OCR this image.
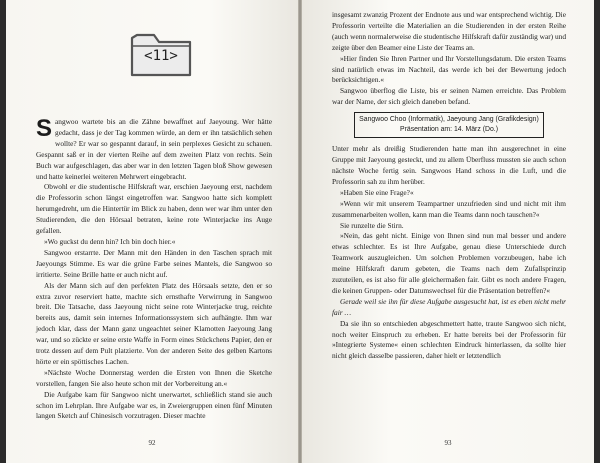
<11>

Sangwoo wartete bis an die Zähne bewaffnet auf Jaeyoung. Wer hätte gedacht, dass je der Tag kommen würde, an dem er ihn tatsächlich sehen wollte? Er war so gespannt darauf, in sein perplexes Gesicht zu schauen. Gespannt saß er in der vierten Reihe auf dem zweiten Platz von rechts. Sein Buch war aufgeschlagen, das aber war in den letzten Tagen bloß Show gewesen und hatte keinerlei weiteren Mehrwert eingebracht.

Obwohl er die studentische Hilfskraft war, erschien Jaeyoung erst, nachdem die Professorin schon längst eingetroffen war. Sangwoo hatte sich komplett herumgedreht, um die Hintertür im Blick zu haben, denn wer war ihm unter den Studierenden, die den Hörsaal betraten, keine rote Winterjacke ins Auge gefallen.

»Wo guckst du denn hin? Ich bin doch hier.«

Sangwoo erstarrte. Der Mann mit den Händen in den Taschen sprach mit Jaeyoungs Stimme. Es war die grüne Farbe seines Mantels, die Sangwoo so irritierte. Seine Brille hatte er auch nicht auf.

Als der Mann sich auf den perfekten Platz des Hörsaals setzte, den er so extra zuvor reserviert hatte, machte sich ernsthafte Verwirrung in Sangwoo breit. Die Tatsache, dass Jaeyoung nicht seine rote Winterjacke trug, reichte bereits aus, damit sein internes Informationssystem sich aufhängte. Ihm war jedoch klar, dass der Mann ganz ungeachtet seiner Klamotten Jaeyoung Jang war, und so zückte er seine erste Waffe in Form eines Stückchens Papier, den er trotz dessen auf dem Pult platzierte. Von der anderen Seite des gelben Kartons hörte er ein spöttisches Lachen.

»Nächste Woche Donnerstag werden die Ersten von Ihnen die Sketche vorstellen, fangen Sie also heute schon mit der Vorbereitung an.«

Die Aufgabe kam für Sangwoo nicht unerwartet, schließlich stand sie auch schon im Lehrplan. Ihre Aufgabe war es, in Zweiergruppen einen fünf Minuten langen Sketch auf Chinesisch vorzutragen. Dieser machte

92

insgesamt zwanzig Prozent der Endnote aus und war entsprechend wichtig. Die Professorin verteilte die Materialien an die Studierenden in der ersten Reihe (auch wenn normalerweise die studentische Hilfskraft dafür zuständig war) und zeigte über den Beamer eine Liste der Teams an.

»Hier finden Sie Ihren Partner und Ihr Vorstellungsdatum. Die ersten Teams sind natürlich etwas im Nachteil, das werde ich bei der Bewertung jedoch berücksichtigen.«

Sangwoo überflog die Liste, bis er seinen Namen erreichte. Das Problem war der Name, der sich gleich daneben befand.

Sangwoo Choo (Informatik), Jaeyoung Jang (Grafikdesign)
Präsentation am: 14. März (Do.)

Unter mehr als dreißig Studierenden hatte man ihn ausgerechnet in eine Gruppe mit Jaeyoung gesteckt, und zu allem Überfluss mussten sie auch schon nächste Woche fertig sein. Sangwoos Hand schoss in die Luft, und die Professorin sah zu ihm herüber.

»Haben Sie eine Frage?«

»Wenn wir mit unserem Teampartner unzufrieden sind und nicht mit ihm zusammenarbeiten wollen, kann man die Teams dann noch tauschen?«

Sie runzelte die Stirn.

»Nein, das geht nicht. Einige von Ihnen sind nun mal besser und andere etwas schlechter. Es ist Ihre Aufgabe, genau diese Unterschiede durch Teamwork auszugleichen. Um solchen Problemen vorzubeugen, habe ich meine Hilfskraft darum gebeten, die Teams nach dem Zufallsprinzip zuzuteilen, es ist also für alle gleichermaßen fair. Gibt es noch andere Fragen, die keinen Gruppen- oder Datumswechsel für die Präsentation betreffen?«

Gerade weil sie ihn für diese Aufgabe ausgesucht hat, ist es eben nicht mehr fair …

Da sie ihn so entschieden abgeschmettert hatte, traute Sangwoo sich nicht, noch weiter Einspruch zu erheben. Er hatte bereits bei der Professorin für »Integrierte Systeme« einen schlechten Eindruck hinterlassen, da sollte hier nicht gleich dasselbe passieren, daher hielt er letztendlich

93
